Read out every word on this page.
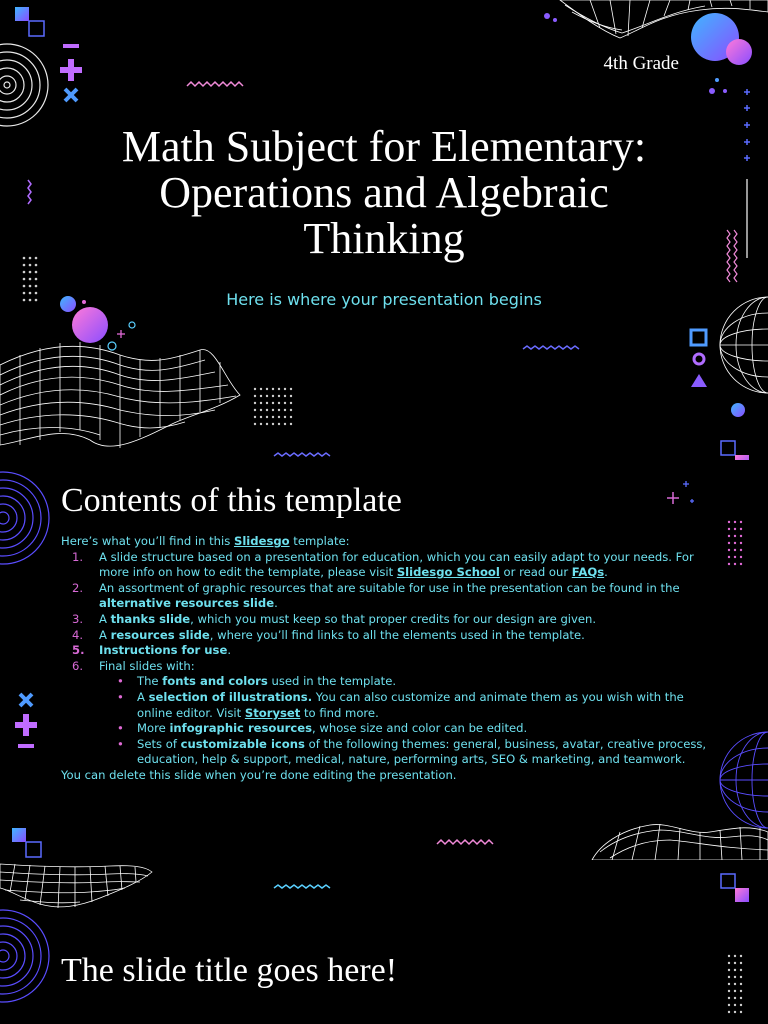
4th Grade
Math Subject for Elementary:
Operations and Algebraic
Thinking
Here is where your presentation begins
Contents of this template

Here’s what you’ll find in this Slidesgo template:

1. A slide structure based on a presentation for education, which you can easily adapt to your needs. For more info on how to edit the template, please visit Slidesgo School or read our FAQs.
2. An assortment of graphic resources that are suitable for use in the presentation can be found in the alternative resources slide.
3. A thanks slide, which you must keep so that proper credits for our design are given.
4. A resources slide, where you’ll find links to all the elements used in the template.
5. Instructions for use.
6. Final slides with:
• The fonts and colors used in the template.
• A selection of illustrations. You can also customize and animate them as you wish with the online editor. Visit Storyset to find more.
• More infographic resources, whose size and color can be edited.
• Sets of customizable icons of the following themes: general, business, avatar, creative process, education, help & support, medical, nature, performing arts, SEO & marketing, and teamwork.

You can delete this slide when you’re done editing the presentation.

The slide title goes here!
